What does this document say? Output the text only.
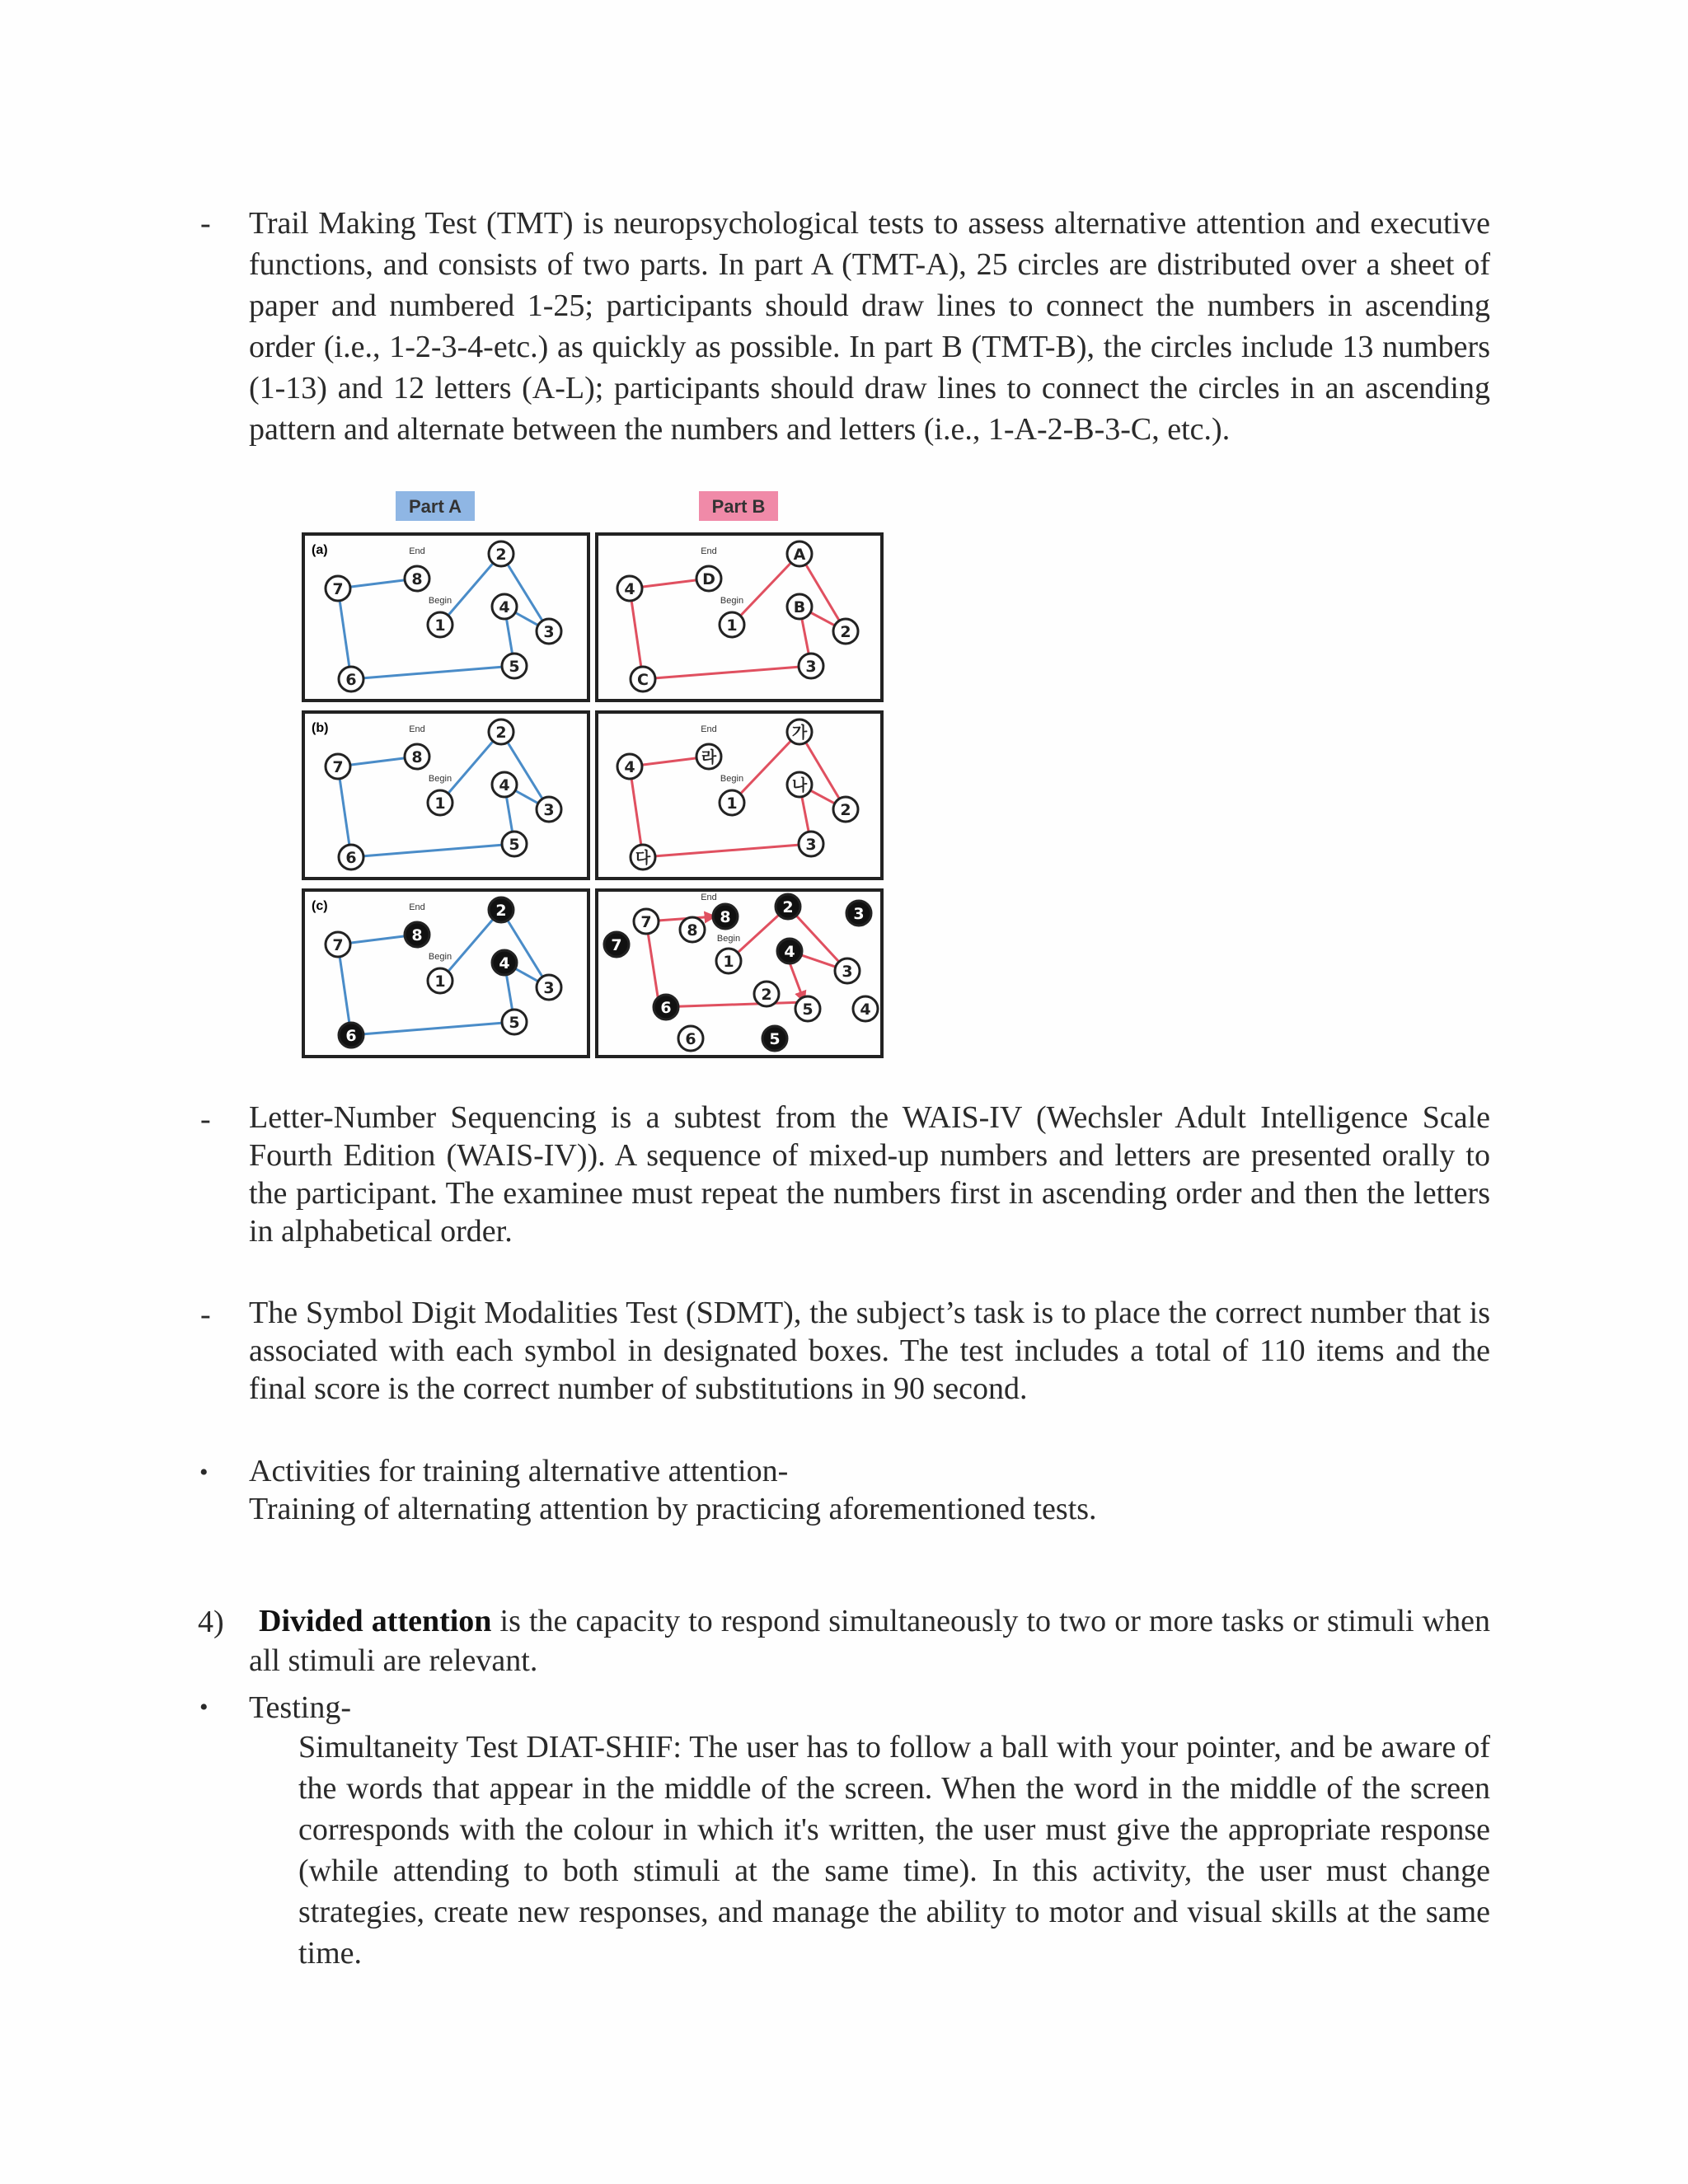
- Trail Making Test (TMT) is neuropsychological tests to assess alternative attention and executive functions, and consists of two parts. In part A (TMT-A), 25 circles are distributed over a sheet of paper and numbered 1-25; participants should draw lines to connect the numbers in ascending order (i.e., 1-2-3-4-etc.) as quickly as possible. In part B (TMT-B), the circles include 13 numbers (1-13) and 12 letters (A-L); participants should draw lines to connect the circles in an ascending pattern and alternate between the numbers and letters (i.e., 1-A-2-B-3-C, etc.).
Part A	Part B
(a)
(b)
(c)
1
2
3
4
5
6
7
8
End
Begin
1
2
3
4
5
6
7
8
End
Begin
1
2
3
4
5
6
7
8
End
Begin
1
A
2
B
3
C
4
D
End
Begin
1
가
2
나
3
다
4
라
End
Begin
7 8
8
2	3
7
1
4
3
2
6	5	4
6	5
End
Begin
- Letter-Number Sequencing is a subtest from the WAIS-IV (Wechsler Adult Intelligence Scale Fourth Edition (WAIS-IV)). A sequence of mixed-up numbers and letters are presented orally to the participant. The examinee must repeat the numbers first in ascending order and then the letters in alphabetical order.
- The Symbol Digit Modalities Test (SDMT), the subject’s task is to place the correct number that is associated with each symbol in designated boxes. The test includes a total of 110 items and the final score is the correct number of substitutions in 90 second.
• Activities for training alternative attention-
Training of alternating attention by practicing aforementioned tests.
4)	Divided attention is the capacity to respond simultaneously to two or more tasks or stimuli when all stimuli are relevant.
• Testing-
Simultaneity Test DIAT-SHIF: The user has to follow a ball with your pointer, and be aware of the words that appear in the middle of the screen. When the word in the middle of the screen corresponds with the colour in which it's written, the user must give the appropriate response (while attending to both stimuli at the same time). In this activity, the user must change strategies, create new responses, and manage the ability to motor and visual skills at the same time.
